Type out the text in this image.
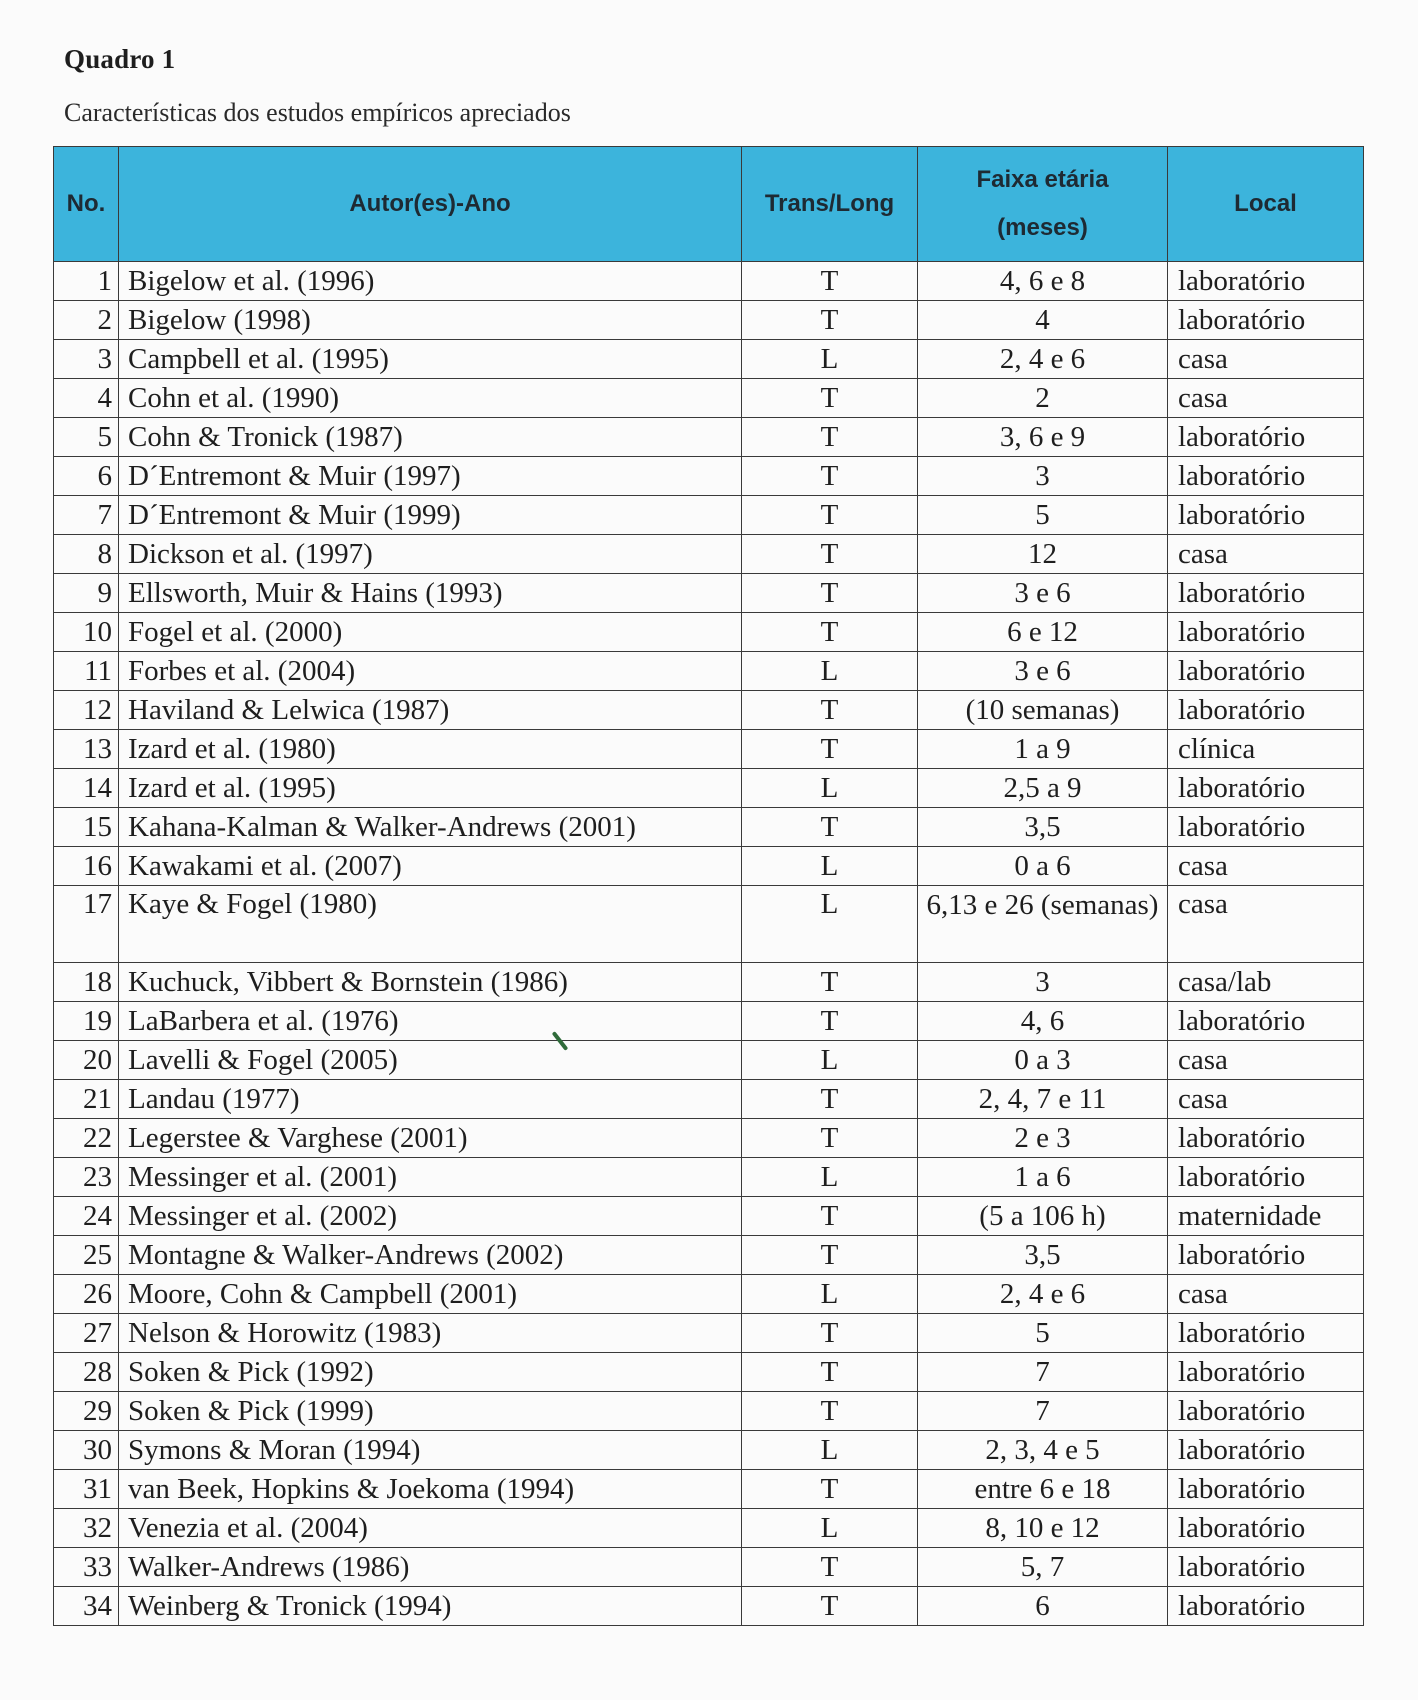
Quadro 1
Características dos estudos empíricos apreciados
No.	Autor(es)-Ano	Trans/Long	Faixa etária (meses)	Local
1	Bigelow et al. (1996)	T	4, 6 e 8	laboratório
2	Bigelow (1998)	T	4	laboratório
3	Campbell et al. (1995)	L	2, 4 e 6	casa
4	Cohn et al. (1990)	T	2	casa
5	Cohn & Tronick (1987)	T	3, 6 e 9	laboratório
6	D´Entremont & Muir (1997)	T	3	laboratório
7	D´Entremont & Muir (1999)	T	5	laboratório
8	Dickson et al. (1997)	T	12	casa
9	Ellsworth, Muir & Hains (1993)	T	3 e 6	laboratório
10	Fogel et al. (2000)	T	6 e 12	laboratório
11	Forbes et al. (2004)	L	3 e 6	laboratório
12	Haviland & Lelwica (1987)	T	(10 semanas)	laboratório
13	Izard et al. (1980)	T	1 a 9	clínica
14	Izard et al. (1995)	L	2,5 a 9	laboratório
15	Kahana-Kalman & Walker-Andrews (2001)	T	3,5	laboratório
16	Kawakami et al. (2007)	L	0 a 6	casa
17	Kaye & Fogel (1980)	L	6,13 e 26 (semanas)	casa
18	Kuchuck, Vibbert & Bornstein (1986)	T	3	casa/lab
19	LaBarbera et al. (1976)	T	4, 6	laboratório
20	Lavelli & Fogel (2005)	L	0 a 3	casa
21	Landau (1977)	T	2, 4, 7 e 11	casa
22	Legerstee & Varghese (2001)	T	2 e 3	laboratório
23	Messinger et al. (2001)	L	1 a 6	laboratório
24	Messinger et al. (2002)	T	(5 a 106 h)	maternidade
25	Montagne & Walker-Andrews (2002)	T	3,5	laboratório
26	Moore, Cohn & Campbell (2001)	L	2, 4 e 6	casa
27	Nelson & Horowitz (1983)	T	5	laboratório
28	Soken & Pick (1992)	T	7	laboratório
29	Soken & Pick (1999)	T	7	laboratório
30	Symons & Moran (1994)	L	2, 3, 4 e 5	laboratório
31	van Beek, Hopkins & Joekoma (1994)	T	entre 6 e 18	laboratório
32	Venezia et al. (2004)	L	8, 10 e 12	laboratório
33	Walker-Andrews (1986)	T	5, 7	laboratório
34	Weinberg & Tronick (1994)	T	6	laboratório
